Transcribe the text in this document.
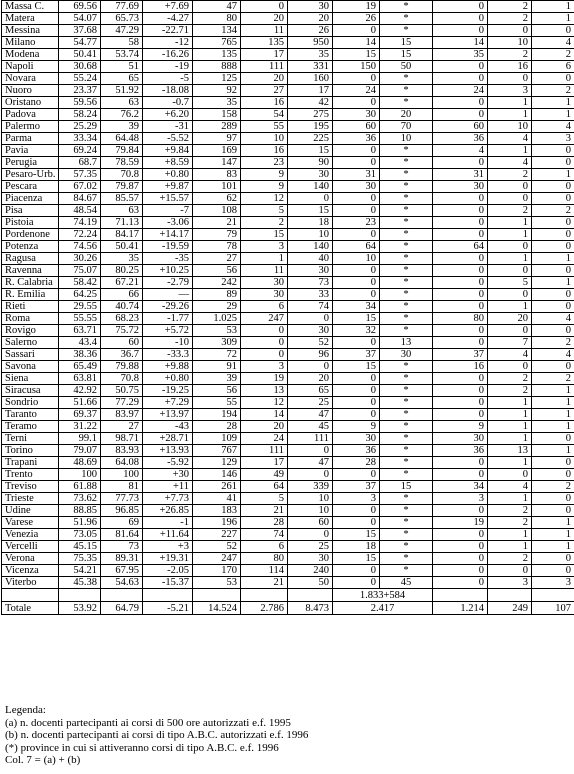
Massa C.	69.56	77.69	+7.69	47	0	30	19	*	0	2	1
Matera	54.07	65.73	-4.27	80	20	20	26	*	0	2	1
Messina	37.68	47.29	-22.71	134	11	26	0	*	0	0	0
Milano	54.77	58	-12	765	135	950	14	15	14	10	4
Modena	50.41	53.74	-16.26	135	17	35	15	15	35	2	2
Napoli	30.68	51	-19	888	111	331	150	50	0	16	6
Novara	55.24	65	-5	125	20	160	0	*	0	0	0
Nuoro	23.37	51.92	-18.08	92	27	17	24	*	24	3	2
Oristano	59.56	63	-0.7	35	16	42	0	*	0	1	1
Padova	58.24	76.2	+6.20	158	54	275	30	20	0	1	1
Palermo	25.29	39	-31	289	55	195	60	70	60	10	4
Parma	33.34	64.48	-5.52	97	10	225	36	10	36	4	3
Pavia	69.24	79.84	+9.84	169	16	15	0	*	4	1	0
Perugia	68.7	78.59	+8.59	147	23	90	0	*	0	4	0
Pesaro-Urb.	57.35	70.8	+0.80	83	9	30	31	*	31	2	1
Pescara	67.02	79.87	+9.87	101	9	140	30	*	30	0	0
Piacenza	84.67	85.57	+15.57	62	12	0	0	*	0	0	0
Pisa	48.54	63	-7	108	5	15	0	*	0	2	2
Pistoia	74.19	71.13	-3.06	21	2	18	23	*	0	1	0
Pordenone	72.24	84.17	+14.17	79	15	10	0	*	0	1	0
Potenza	74.56	50.41	-19.59	78	3	140	64	*	64	0	0
Ragusa	30.26	35	-35	27	1	40	10	*	0	1	1
Ravenna	75.07	80.25	+10.25	56	11	30	0	*	0	0	0
R. Calabria	58.42	67.21	-2.79	242	30	73	0	*	0	5	1
R. Emilia	64.25	66	—	89	30	33	0	*	0	0	0
Rieti	29.55	40.74	-29.26	29	6	74	34	*	0	1	0
Roma	55.55	68.23	-1.77	1.025	247	0	15	*	80	20	4
Rovigo	63.71	75.72	+5.72	53	0	30	32	*	0	0	0
Salerno	43.4	60	-10	309	0	52	0	13	0	7	2
Sassari	38.36	36.7	-33.3	72	0	96	37	30	37	4	4
Savona	65.49	79.88	+9.88	91	3	0	15	*	16	0	0
Siena	63.81	70.8	+0.80	39	19	20	0	*	0	2	2
Siracusa	42.92	50.75	-19.25	56	13	65	0	*	0	2	1
Sondrio	51.66	77.29	+7.29	55	12	25	0	*	0	1	1
Taranto	69.37	83.97	+13.97	194	14	47	0	*	0	1	1
Teramo	31.22	27	-43	28	20	45	9	*	9	1	1
Terni	99.1	98.71	+28.71	109	24	111	30	*	30	1	0
Torino	79.07	83.93	+13.93	767	111	0	36	*	36	13	1
Trapani	48.69	64.08	-5.92	129	17	47	28	*	0	1	0
Trento	100	100	+30	146	49	0	0	*	0	0	0
Treviso	61.88	81	+11	261	64	339	37	15	34	4	2
Trieste	73.62	77.73	+7.73	41	5	10	3	*	3	1	0
Udine	88.85	96.85	+26.85	183	21	10	0	*	0	2	0
Varese	51.96	69	-1	196	28	60	0	*	19	2	1
Venezia	73.05	81.64	+11.64	227	74	0	15	*	0	1	1
Vercelli	45.15	73	+3	52	6	25	18	*	0	1	1
Verona	75.35	89.31	+19.31	247	80	30	15	*	0	2	0
Vicenza	54.21	67.95	-2.05	170	114	240	0	*	0	0	0
Viterbo	45.38	54.63	-15.37	53	21	50	0	45	0	3	3
							1.833+584				
Totale	53.92	64.79	-5.21	14.524	2.786	8.473	2.417		1.214	249	107
Legenda:
(a) n. docenti partecipanti ai corsi di 500 ore autorizzati e.f. 1995
(b) n. docenti partecipanti ai corsi di tipo A.B.C. autorizzati e.f. 1996
(*) province in cui si attiveranno corsi di tipo A.B.C. e.f. 1996
Col. 7 = (a) + (b)
